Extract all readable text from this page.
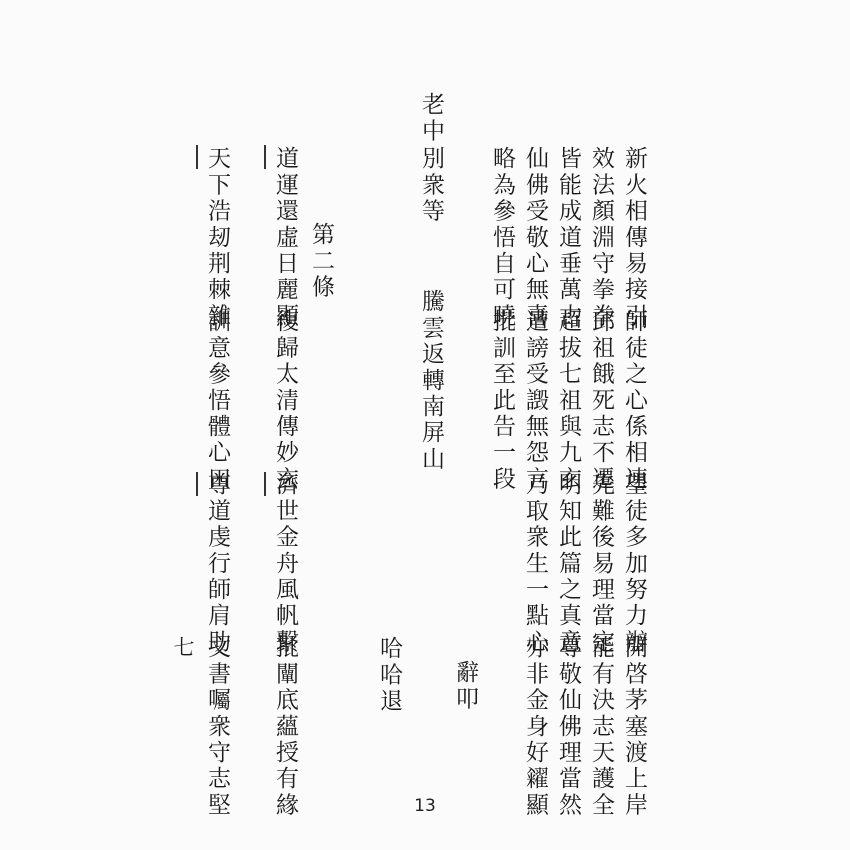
新火相傳易接引
師徒之心係相連
望徒多加努力辦
開啓茅塞渡上岸
效法顏淵守拳拳
邱祖餓死志不遷
先難後易理當定
能有決志天護全
皆能成道垂萬古
超拔七祖與九玄
明知此篇之真意
尊敬仙佛理當然
仙佛受敬心無喜
遭謗受譭無怨言
乃取衆生一點心
亦非金身好糴顯
略為參悟自可曉
批訓至此告一段
辭叩
老中
別衆等
騰雲返轉南屏山
哈哈退
第二條
道運還虛日麗顯
復歸太清傳妙玄
濟世金舟風帆繫
批闡底蘊授有緣
天下浩刼荆棘雜
訓意參悟體心田
尊道虔行師肩助
文書囑衆守志堅
七
13
